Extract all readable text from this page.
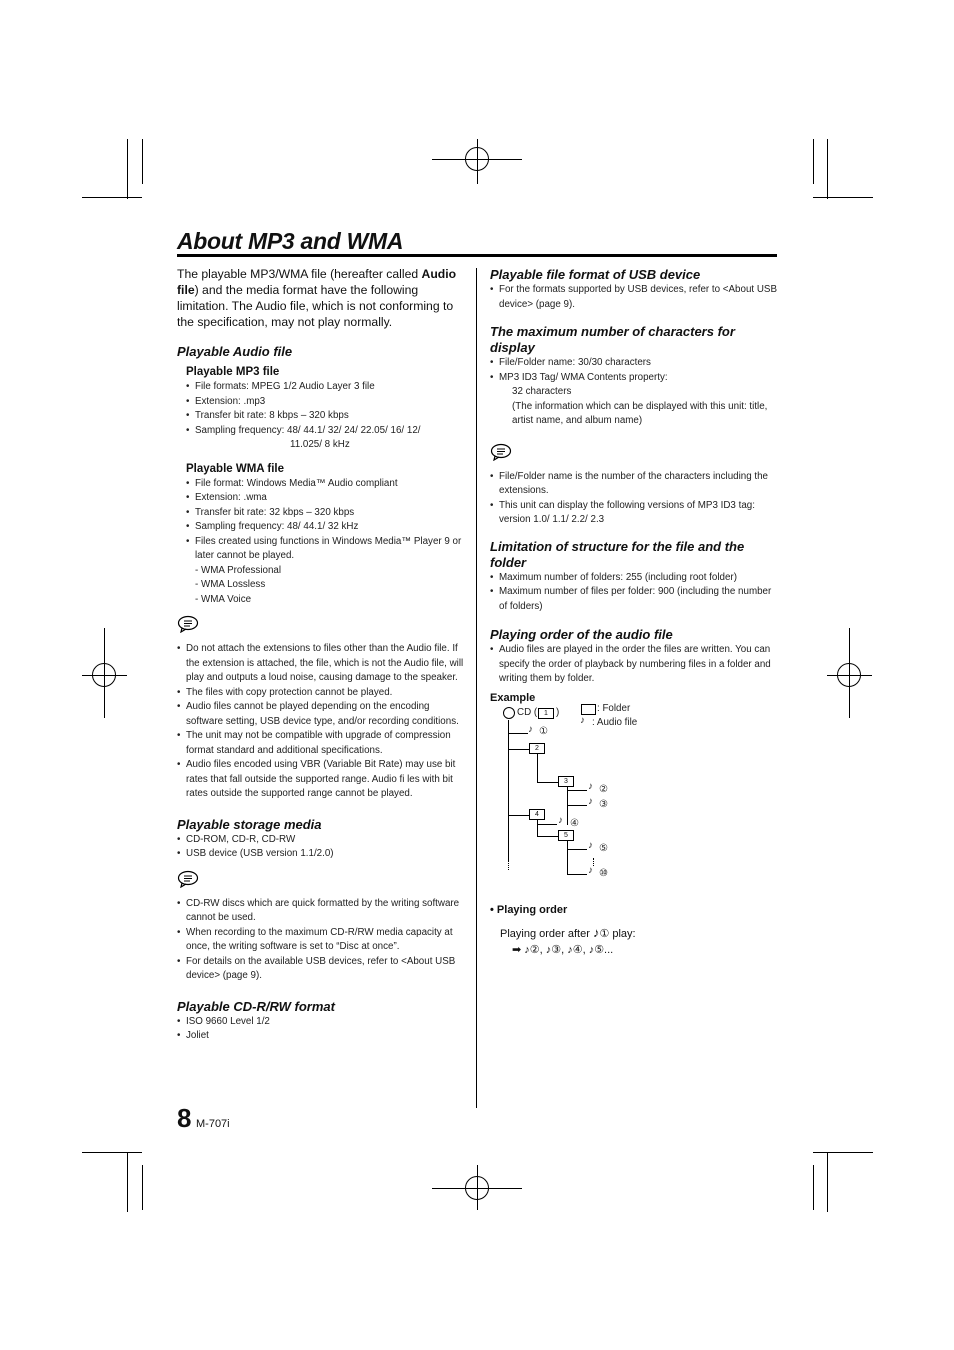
About MP3 and WMA

The playable MP3/WMA file (hereafter called Audio file) and the media format have the following limitation. The Audio file, which is not conforming to the specification, may not play normally.

Playable Audio file
Playable MP3 file
• File formats: MPEG 1/2 Audio Layer 3 file
• Extension: .mp3
• Transfer bit rate: 8 kbps – 320 kbps
• Sampling frequency: 48/ 44.1/ 32/ 24/ 22.05/ 16/ 12/
11.025/ 8 kHz
Playable WMA file
• File format: Windows Media™ Audio compliant
• Extension: .wma
• Transfer bit rate: 32 kbps – 320 kbps
• Sampling frequency: 48/ 44.1/ 32 kHz
• Files created using functions in Windows Media™ Player 9 or later cannot be played.
- WMA Professional
- WMA Lossless
- WMA Voice
• Do not attach the extensions to files other than the Audio file. If the extension is attached, the file, which is not the Audio file, will play and outputs a loud noise, causing damage to the speaker.
• The files with copy protection cannot be played.
• Audio files cannot be played depending on the encoding software setting, USB device type, and/or recording conditions.
• The unit may not be compatible with upgrade of compression format standard and additional specifications.
• Audio files encoded using VBR (Variable Bit Rate) may use bit rates that fall outside the supported range. Audio fi les with bit rates outside the supported range cannot be played.
Playable storage media
• CD-ROM, CD-R, CD-RW
• USB device (USB version 1.1/2.0)
• CD-RW discs which are quick formatted by the writing software cannot be used.
• When recording to the maximum CD-R/RW media capacity at once, the writing software is set to “Disc at once”.
• For details on the available USB devices, refer to <About USB device> (page 9).
Playable CD-R/RW format
• ISO 9660 Level 1/2
• Joliet
Playable file format of USB device
• For the formats supported by USB devices, refer to <About USB device> (page 9).
The maximum number of characters for display
• File/Folder name: 30/30 characters
• MP3 ID3 Tag/ WMA Contents property:
32 characters
(The information which can be displayed with this unit: title, artist name, and album name)
• File/Folder name is the number of the characters including the extensions.
• This unit can display the following versions of MP3 ID3 tag: version 1.0/ 1.1/ 2.2/ 2.3
Limitation of structure for the file and the folder
• Maximum number of folders: 255 (including root folder)
• Maximum number of files per folder: 900 (including the number of folders)
Playing order of the audio file
• Audio files are played in the order the files are written. You can specify the order of playback by numbering files in a folder and writing them by folder.
Example
CD ( 1 )	: Folder
♪ : Audio file
♪ ①
2
3	♪ ②
♪ ③
4
♪ ④
5
♪ ⑤
♪ ⑩
• Playing order
Playing order after ♪① play:
➡ ♪②, ♪③, ♪④, ♪⑤...
8 M-707i
